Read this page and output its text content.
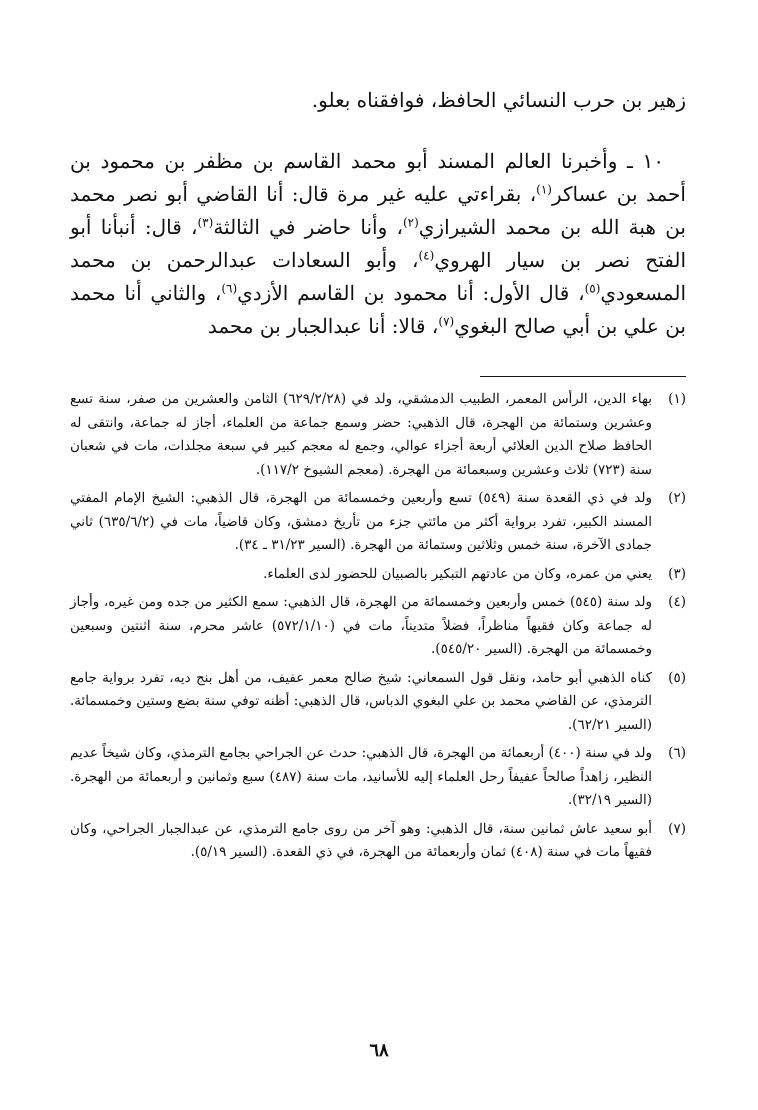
زهير بن حرب النسائي الحافظ، فوافقناه بعلو.

١٠ ـ وأخبرنا العالم المسند أبو محمد القاسم بن مظفر بن محمود بن أحمد بن عساكر$^{(١)}$، بقراءتي عليه غير مرة قال: أنا القاضي أبو نصر محمد بن هبة الله بن محمد الشيرازي$^{(٢)}$، وأنا حاضر في الثالثة$^{(٣)}$، قال: أنبأنا أبو الفتح نصر بن سيار الهروي$^{(٤)}$، وأبو السعادات عبدالرحمن بن محمد المسعودي$^{(٥)}$، قال الأول: أنا محمود بن القاسم الأزدي$^{(٦)}$، والثاني أنا محمد بن علي بن أبي صالح البغوي$^{(٧)}$، قالا: أنا عبدالجبار بن محمد

(١)
بهاء الدين، الرأس المعمر، الطبيب الدمشقي، ولد في (٦٢٩/٢/٢٨) الثامن والعشرين من صفر، سنة تسع وعشرين وستمائة من الهجرة، قال الذهبي: حضر وسمع جماعة من العلماء، أجاز له جماعة، وانتقى له الحافظ صلاح الدين العلائي أربعة أجزاء عوالي، وجمع له معجم كبير في سبعة مجلدات، مات في شعبان سنة (٧٢٣) ثلاث وعشرين وسبعمائة من الهجرة. (معجم الشيوخ ١١٧/٢).
(٢)
ولد في ذي القعدة سنة (٥٤٩) تسع وأربعين وخمسمائة من الهجرة، قال الذهبي: الشيخ الإمام المفتي المسند الكبير، تفرد برواية أكثر من مائتي جزء من تأريخ دمشق، وكان قاضياً، مات في (٦٣٥/٦/٢) ثاني جمادى الآخرة، سنة خمس وثلاثين وستمائة من الهجرة. (السير ٣١/٢٣ ـ ٣٤).
(٣)
يعني من عمره، وكان من عادتهم التبكير بالصبيان للحضور لدى العلماء.
(٤)
ولد سنة (٥٤٥) خمس وأربعين وخمسمائة من الهجرة، قال الذهبي: سمع الكثير من جده ومن غيره، وأجاز له جماعة وكان فقيهاً مناظراً، فضلاً متديناً، مات في (٥٧٢/١/١٠) عاشر محرم، سنة اثنتين وسبعين وخمسمائة من الهجرة. (السير ٥٤٥/٢٠).
(٥)
كناه الذهبي أبو حامد، ونقل قول السمعاني: شيخ صالح معمر عفيف، من أهل بنج ديه، تفرد برواية جامع الترمذي، عن القاضي محمد بن علي البغوي الدباس، قال الذهبي: أظنه توفي سنة بضع وستين وخمسمائة. (السير ٦٢/٢١).
(٦)
ولد في سنة (٤٠٠) أربعمائة من الهجرة، قال الذهبي: حدث عن الجراحي بجامع الترمذي، وكان شيخاً عديم النظير، زاهداً صالحاً عفيفاً رحل العلماء إليه للأسانيد، مات سنة (٤٨٧) سبع وثمانين و أربعمائة من الهجرة. (السير ٣٢/١٩).
(٧)
أبو سعيد عاش ثمانين سنة، قال الذهبي: وهو آخر من روى جامع الترمذي، عن عبدالجبار الجراحي، وكان فقيهاً مات في سنة (٤٠٨) ثمان وأربعمائة من الهجرة، في ذي القعدة. (السير ٥/١٩).
٦٨
